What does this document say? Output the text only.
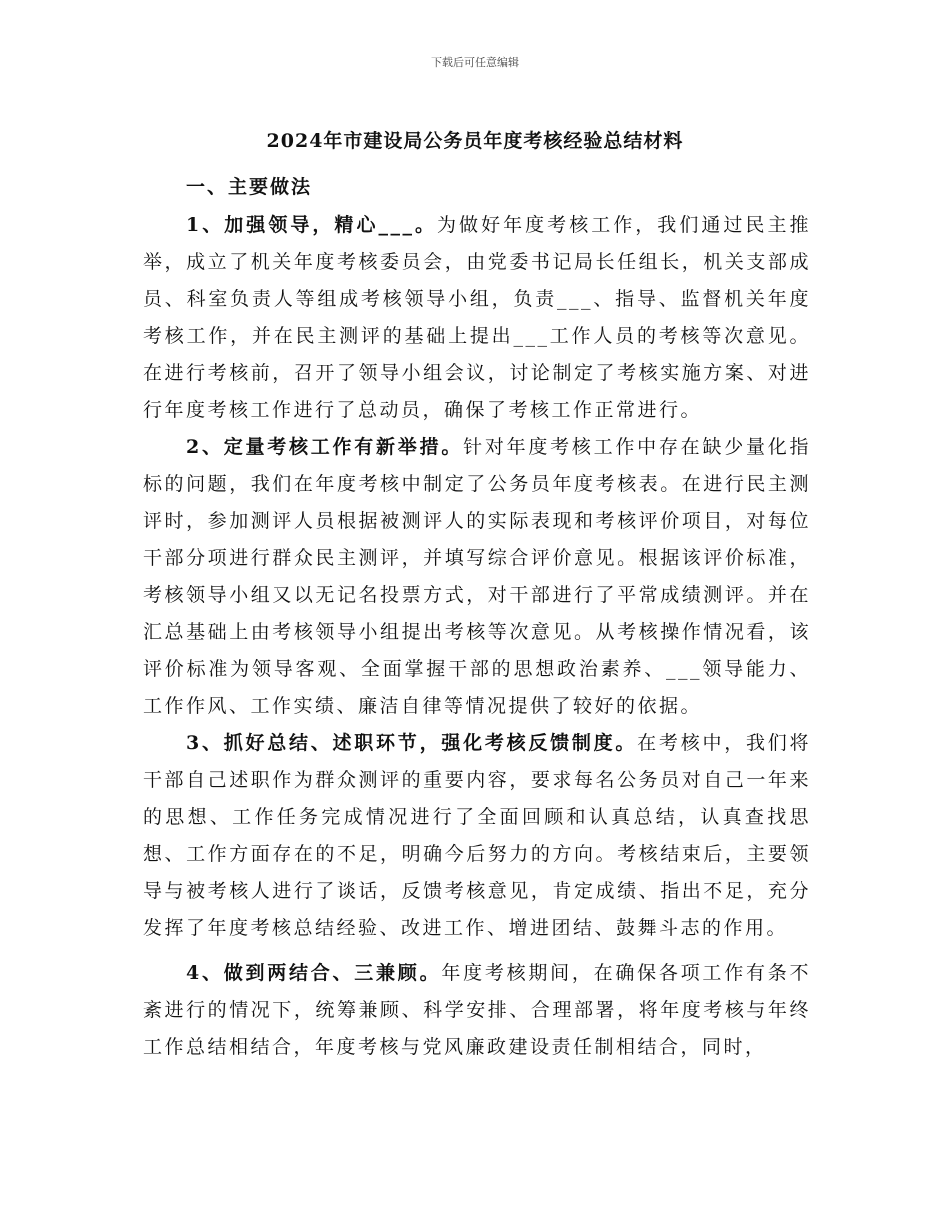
下载后可任意编辑
2024年市建设局公务员年度考核经验总结材料
一、主要做法

1、加强领导，精心___。为做好年度考核工作，我们通过民主推举，成立了机关年度考核委员会，由党委书记局长任组长，机关支部成员、科室负责人等组成考核领导小组，负责___、指导、监督机关年度考核工作，并在民主测评的基础上提出___工作人员的考核等次意见。在进行考核前，召开了领导小组会议，讨论制定了考核实施方案、对进行年度考核工作进行了总动员，确保了考核工作正常进行。

2、定量考核工作有新举措。针对年度考核工作中存在缺少量化指标的问题，我们在年度考核中制定了公务员年度考核表。在进行民主测评时，参加测评人员根据被测评人的实际表现和考核评价项目，对每位干部分项进行群众民主测评，并填写综合评价意见。根据该评价标准，考核领导小组又以无记名投票方式，对干部进行了平常成绩测评。并在汇总基础上由考核领导小组提出考核等次意见。从考核操作情况看，该评价标准为领导客观、全面掌握干部的思想政治素养、___领导能力、工作作风、工作实绩、廉洁自律等情况提供了较好的依据。

3、抓好总结、述职环节，强化考核反馈制度。在考核中，我们将干部自己述职作为群众测评的重要内容，要求每名公务员对自己一年来的思想、工作任务完成情况进行了全面回顾和认真总结，认真查找思想、工作方面存在的不足，明确今后努力的方向。考核结束后，主要领导与被考核人进行了谈话，反馈考核意见，肯定成绩、指出不足，充分发挥了年度考核总结经验、改进工作、增进团结、鼓舞斗志的作用。

4、做到两结合、三兼顾。年度考核期间，在确保各项工作有条不紊进行的情况下，统筹兼顾、科学安排、合理部署，将年度考核与年终工作总结相结合，年度考核与党风廉政建设责任制相结合，同时，
